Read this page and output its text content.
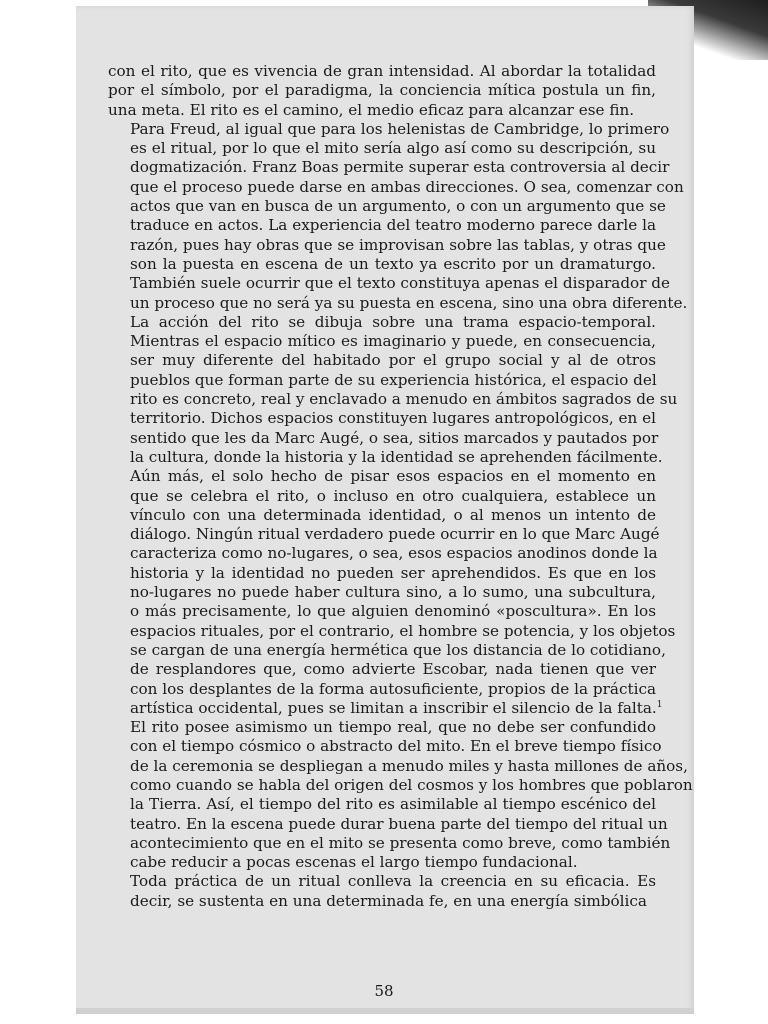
con el rito, que es vivencia de gran intensidad. Al abordar la totalidad
por el símbolo, por el paradigma, la conciencia mítica postula un fin,
una meta. El rito es el camino, el medio eficaz para alcanzar ese fin.

Para Freud, al igual que para los helenistas de Cambridge, lo primero
es el ritual, por lo que el mito sería algo así como su descripción, su
dogmatización. Franz Boas permite superar esta controversia al decir
que el proceso puede darse en ambas direcciones. O sea, comenzar con
actos que van en busca de un argumento, o con un argumento que se
traduce en actos. La experiencia del teatro moderno parece darle la
razón, pues hay obras que se improvisan sobre las tablas, y otras que
son la puesta en escena de un texto ya escrito por un dramaturgo.
También suele ocurrir que el texto constituya apenas el disparador de
un proceso que no será ya su puesta en escena, sino una obra diferente.

La acción del rito se dibuja sobre una trama espacio-temporal.
Mientras el espacio mítico es imaginario y puede, en consecuencia,
ser muy diferente del habitado por el grupo social y al de otros
pueblos que forman parte de su experiencia histórica, el espacio del
rito es concreto, real y enclavado a menudo en ámbitos sagrados de su
territorio. Dichos espacios constituyen lugares antropológicos, en el
sentido que les da Marc Augé, o sea, sitios marcados y pautados por
la cultura, donde la historia y la identidad se aprehenden fácilmente.
Aún más, el solo hecho de pisar esos espacios en el momento en
que se celebra el rito, o incluso en otro cualquiera, establece un
vínculo con una determinada identidad, o al menos un intento de
diálogo. Ningún ritual verdadero puede ocurrir en lo que Marc Augé
caracteriza como no-lugares, o sea, esos espacios anodinos donde la
historia y la identidad no pueden ser aprehendidos. Es que en los
no-lugares no puede haber cultura sino, a lo sumo, una subcultura,
o más precisamente, lo que alguien denominó «poscultura». En los
espacios rituales, por el contrario, el hombre se potencia, y los objetos
se cargan de una energía hermética que los distancia de lo cotidiano,
de resplandores que, como advierte Escobar, nada tienen que ver
con los desplantes de la forma autosuficiente, propios de la práctica
artística occidental, pues se limitan a inscribir el silencio de la falta.$^1$

El rito posee asimismo un tiempo real, que no debe ser confundido
con el tiempo cósmico o abstracto del mito. En el breve tiempo físico
de la ceremonia se despliegan a menudo miles y hasta millones de años,
como cuando se habla del origen del cosmos y los hombres que poblaron
la Tierra. Así, el tiempo del rito es asimilable al tiempo escénico del
teatro. En la escena puede durar buena parte del tiempo del ritual un
acontecimiento que en el mito se presenta como breve, como también
cabe reducir a pocas escenas el largo tiempo fundacional.

Toda práctica de un ritual conlleva la creencia en su eficacia. Es
decir, se sustenta en una determinada fe, en una energía simbólica

58
